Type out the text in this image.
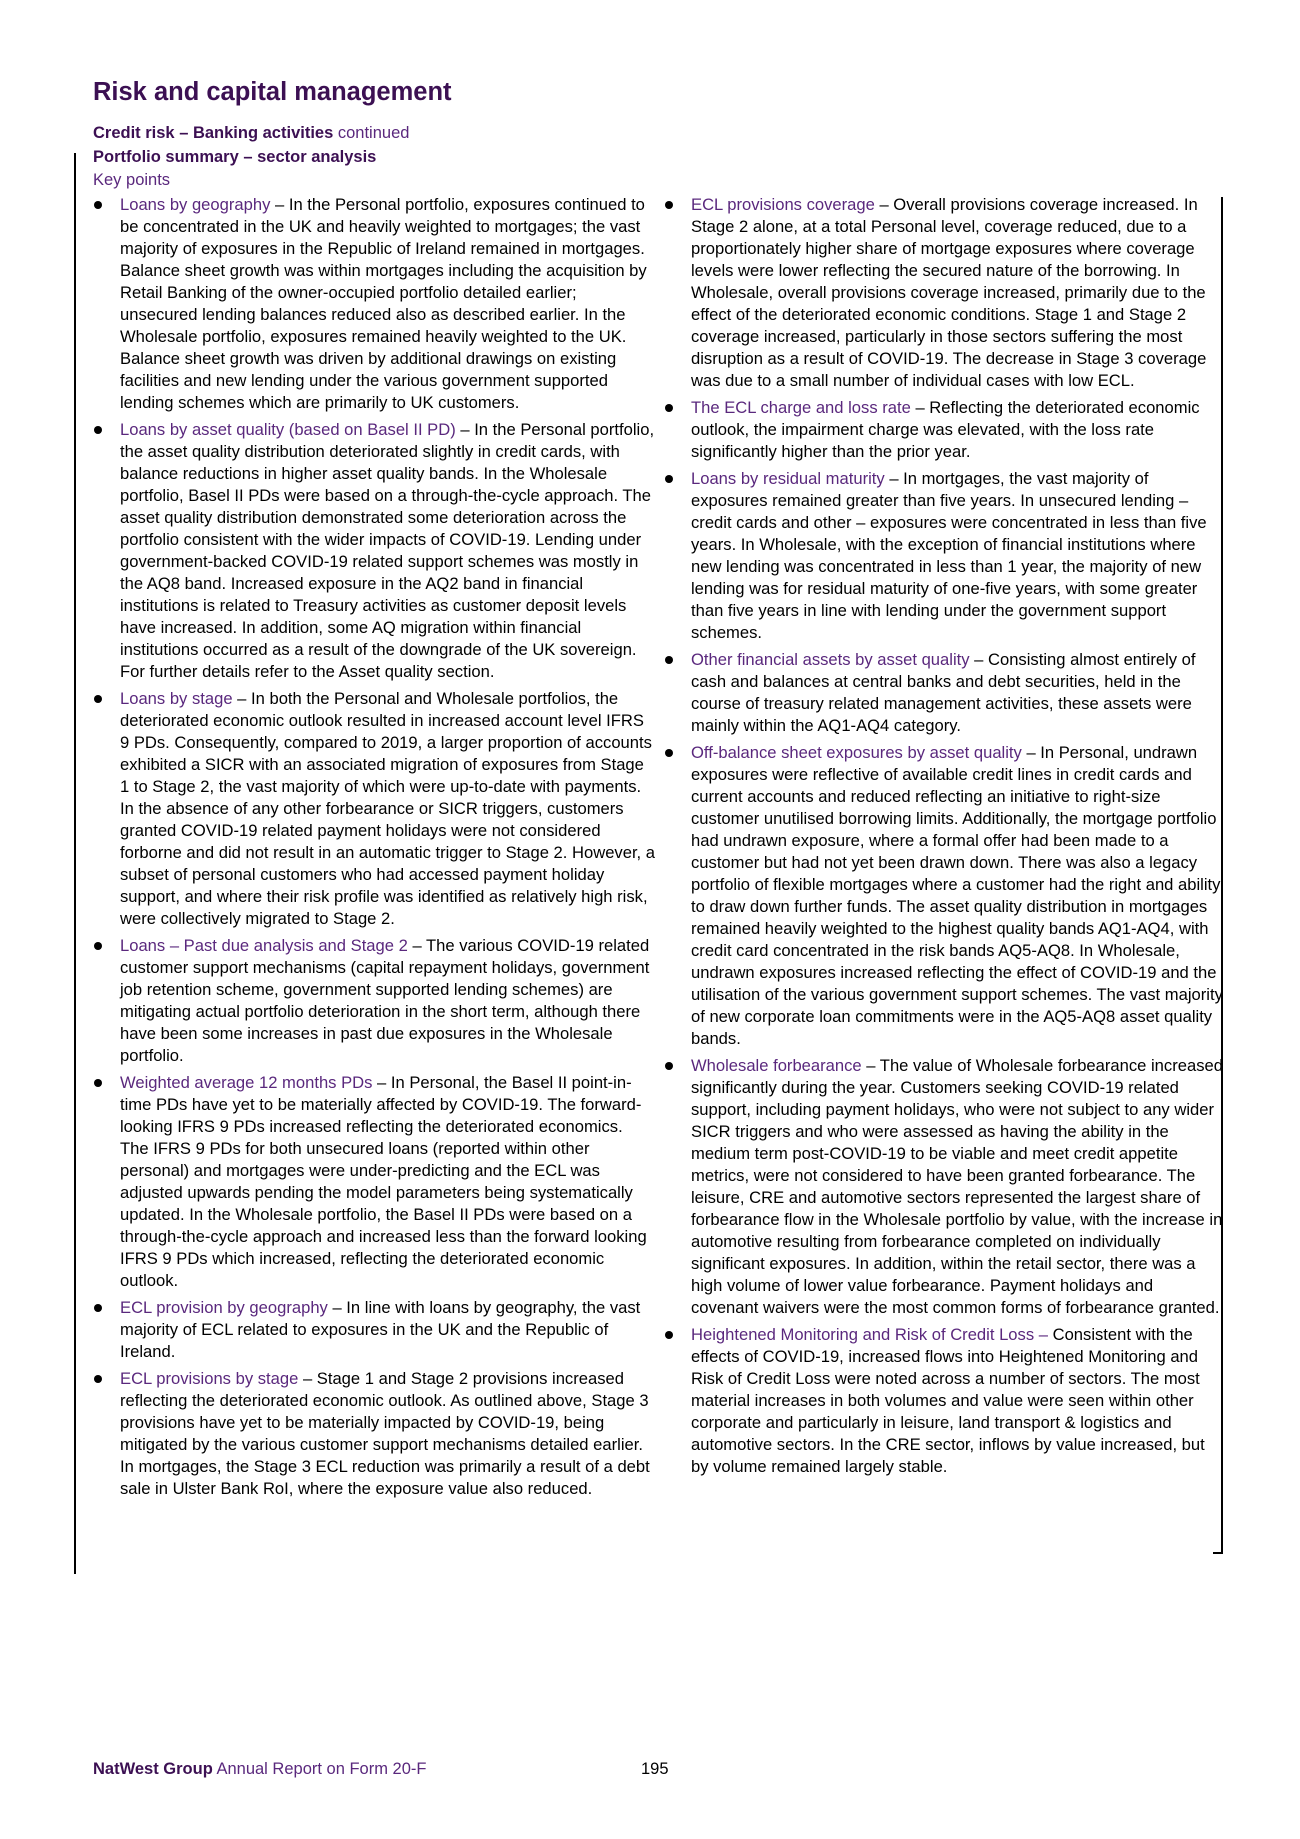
Risk and capital management
Credit risk – Banking activities continued
Portfolio summary – sector analysis
Key points
Loans by geography – In the Personal portfolio, exposures continued to be concentrated in the UK and heavily weighted to mortgages; the vast majority of exposures in the Republic of Ireland remained in mortgages. Balance sheet growth was within mortgages including the acquisition by Retail Banking of the owner-occupied portfolio detailed earlier; unsecured lending balances reduced also as described earlier. In the Wholesale portfolio, exposures remained heavily weighted to the UK. Balance sheet growth was driven by additional drawings on existing facilities and new lending under the various government supported lending schemes which are primarily to UK customers.
Loans by asset quality (based on Basel II PD) – In the Personal portfolio, the asset quality distribution deteriorated slightly in credit cards, with balance reductions in higher asset quality bands. In the Wholesale portfolio, Basel II PDs were based on a through-the-cycle approach. The asset quality distribution demonstrated some deterioration across the portfolio consistent with the wider impacts of COVID-19. Lending under government-backed COVID-19 related support schemes was mostly in the AQ8 band. Increased exposure in the AQ2 band in financial institutions is related to Treasury activities as customer deposit levels have increased. In addition, some AQ migration within financial institutions occurred as a result of the downgrade of the UK sovereign. For further details refer to the Asset quality section.
Loans by stage – In both the Personal and Wholesale portfolios, the deteriorated economic outlook resulted in increased account level IFRS 9 PDs. Consequently, compared to 2019, a larger proportion of accounts exhibited a SICR with an associated migration of exposures from Stage 1 to Stage 2, the vast majority of which were up-to-date with payments. In the absence of any other forbearance or SICR triggers, customers granted COVID-19 related payment holidays were not considered forborne and did not result in an automatic trigger to Stage 2. However, a subset of personal customers who had accessed payment holiday support, and where their risk profile was identified as relatively high risk, were collectively migrated to Stage 2.
Loans – Past due analysis and Stage 2 – The various COVID-19 related customer support mechanisms (capital repayment holidays, government job retention scheme, government supported lending schemes) are mitigating actual portfolio deterioration in the short term, although there have been some increases in past due exposures in the Wholesale portfolio.
Weighted average 12 months PDs – In Personal, the Basel II point-in-time PDs have yet to be materially affected by COVID-19. The forward-looking IFRS 9 PDs increased reflecting the deteriorated economics. The IFRS 9 PDs for both unsecured loans (reported within other personal) and mortgages were under-predicting and the ECL was adjusted upwards pending the model parameters being systematically updated. In the Wholesale portfolio, the Basel II PDs were based on a through-the-cycle approach and increased less than the forward looking IFRS 9 PDs which increased, reflecting the deteriorated economic outlook.
ECL provision by geography – In line with loans by geography, the vast majority of ECL related to exposures in the UK and the Republic of Ireland.
ECL provisions by stage – Stage 1 and Stage 2 provisions increased reflecting the deteriorated economic outlook. As outlined above, Stage 3 provisions have yet to be materially impacted by COVID-19, being mitigated by the various customer support mechanisms detailed earlier. In mortgages, the Stage 3 ECL reduction was primarily a result of a debt sale in Ulster Bank RoI, where the exposure value also reduced.
ECL provisions coverage – Overall provisions coverage increased. In Stage 2 alone, at a total Personal level, coverage reduced, due to a proportionately higher share of mortgage exposures where coverage levels were lower reflecting the secured nature of the borrowing. In Wholesale, overall provisions coverage increased, primarily due to the effect of the deteriorated economic conditions. Stage 1 and Stage 2 coverage increased, particularly in those sectors suffering the most disruption as a result of COVID-19. The decrease in Stage 3 coverage was due to a small number of individual cases with low ECL.
The ECL charge and loss rate – Reflecting the deteriorated economic outlook, the impairment charge was elevated, with the loss rate significantly higher than the prior year.
Loans by residual maturity – In mortgages, the vast majority of exposures remained greater than five years. In unsecured lending – credit cards and other – exposures were concentrated in less than five years. In Wholesale, with the exception of financial institutions where new lending was concentrated in less than 1 year, the majority of new lending was for residual maturity of one-five years, with some greater than five years in line with lending under the government support schemes.
Other financial assets by asset quality – Consisting almost entirely of cash and balances at central banks and debt securities, held in the course of treasury related management activities, these assets were mainly within the AQ1-AQ4 category.
Off-balance sheet exposures by asset quality – In Personal, undrawn exposures were reflective of available credit lines in credit cards and current accounts and reduced reflecting an initiative to right-size customer unutilised borrowing limits. Additionally, the mortgage portfolio had undrawn exposure, where a formal offer had been made to a customer but had not yet been drawn down. There was also a legacy portfolio of flexible mortgages where a customer had the right and ability to draw down further funds. The asset quality distribution in mortgages remained heavily weighted to the highest quality bands AQ1-AQ4, with credit card concentrated in the risk bands AQ5-AQ8. In Wholesale, undrawn exposures increased reflecting the effect of COVID-19 and the utilisation of the various government support schemes. The vast majority of new corporate loan commitments were in the AQ5-AQ8 asset quality bands.
Wholesale forbearance – The value of Wholesale forbearance increased significantly during the year. Customers seeking COVID-19 related support, including payment holidays, who were not subject to any wider SICR triggers and who were assessed as having the ability in the medium term post-COVID-19 to be viable and meet credit appetite metrics, were not considered to have been granted forbearance. The leisure, CRE and automotive sectors represented the largest share of forbearance flow in the Wholesale portfolio by value, with the increase in automotive resulting from forbearance completed on individually significant exposures. In addition, within the retail sector, there was a high volume of lower value forbearance. Payment holidays and covenant waivers were the most common forms of forbearance granted.
Heightened Monitoring and Risk of Credit Loss – Consistent with the effects of COVID-19, increased flows into Heightened Monitoring and Risk of Credit Loss were noted across a number of sectors. The most material increases in both volumes and value were seen within other corporate and particularly in leisure, land transport & logistics and automotive sectors. In the CRE sector, inflows by value increased, but by volume remained largely stable.
NatWest Group Annual Report on Form 20-F	195
